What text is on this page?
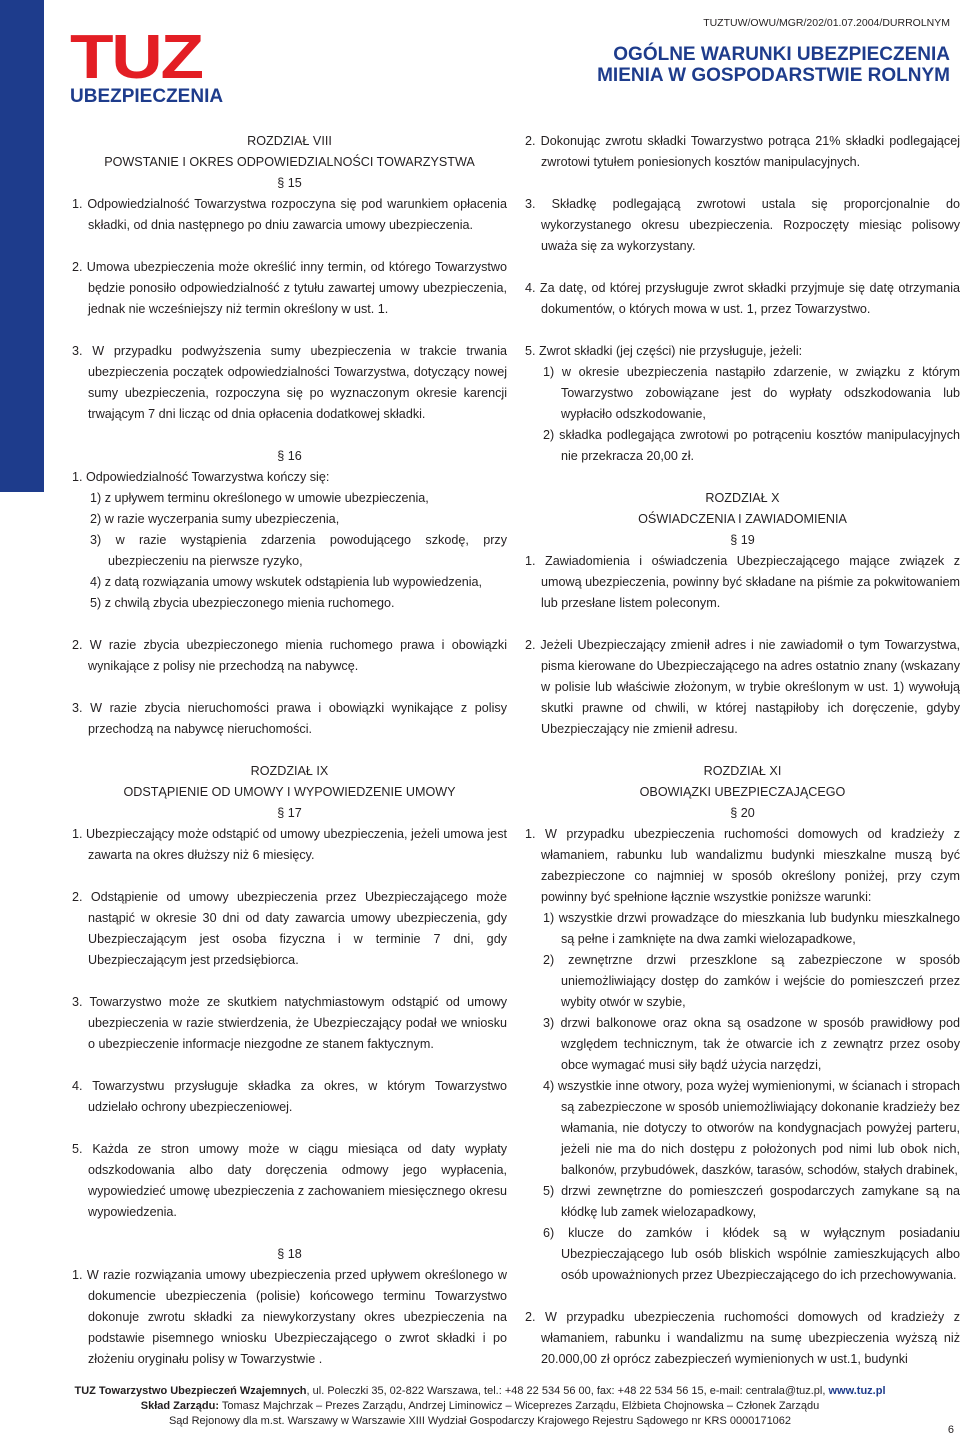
TUZ
UBEZPIECZENIA
TUZTUW/OWU/MGR/202/01.07.2004/DURROLNYM
OGÓLNE WARUNKI UBEZPIECZENIA
MIENIA W GOSPODARSTWIE ROLNYM
ROZDZIAŁ VIII
POWSTANIE I OKRES ODPOWIEDZIALNOŚCI TOWARZYSTWA
§ 15
1. Odpowiedzialność Towarzystwa rozpoczyna się pod warunkiem opłacenia składki, od dnia następnego po dniu zawarcia umowy ubezpieczenia.
2. Umowa ubezpieczenia może określić inny termin, od którego Towarzystwo będzie ponosiło odpowiedzialność z tytułu zawartej umowy ubezpieczenia, jednak nie wcześniejszy niż termin określony w ust. 1.
3. W przypadku podwyższenia sumy ubezpieczenia w trakcie trwania ubezpieczenia początek odpowiedzialności Towarzystwa, dotyczący nowej sumy ubezpieczenia, rozpoczyna się po wyznaczonym okresie karencji trwającym 7 dni licząc od dnia opłacenia dodatkowej składki.
§ 16
1. Odpowiedzialność Towarzystwa kończy się:
1) z upływem terminu określonego w umowie ubezpieczenia,
2) w razie wyczerpania sumy ubezpieczenia,
3) w razie wystąpienia zdarzenia powodującego szkodę, przy ubezpieczeniu na pierwsze ryzyko,
4) z datą rozwiązania umowy wskutek odstąpienia lub wypowiedzenia,
5) z chwilą zbycia ubezpieczonego mienia ruchomego.
2. W razie zbycia ubezpieczonego mienia ruchomego prawa i obowiązki wynikające z polisy nie przechodzą na nabywcę.
3. W razie zbycia nieruchomości prawa i obowiązki wynikające z polisy przechodzą na nabywcę nieruchomości.
ROZDZIAŁ IX
ODSTĄPIENIE OD UMOWY I WYPOWIEDZENIE UMOWY
§ 17
1. Ubezpieczający może odstąpić od umowy ubezpieczenia, jeżeli umowa jest zawarta na okres dłuższy niż 6 miesięcy.
2. Odstąpienie od umowy ubezpieczenia przez Ubezpieczającego może nastąpić w okresie 30 dni od daty zawarcia umowy ubezpieczenia, gdy Ubezpieczającym jest osoba fizyczna i w terminie 7 dni, gdy Ubezpieczającym jest przedsiębiorca.
3. Towarzystwo może ze skutkiem natychmiastowym odstąpić od umowy ubezpieczenia w razie stwierdzenia, że Ubezpieczający podał we wniosku o ubezpieczenie informacje niezgodne ze stanem faktycznym.
4. Towarzystwu przysługuje składka za okres, w którym Towarzystwo udzielało ochrony ubezpieczeniowej.
5. Każda ze stron umowy może w ciągu miesiąca od daty wypłaty odszkodowania albo daty doręczenia odmowy jego wypłacenia, wypowiedzieć umowę ubezpieczenia z zachowaniem miesięcznego okresu wypowiedzenia.
§ 18
1. W razie rozwiązania umowy ubezpieczenia przed upływem określonego w dokumencie ubezpieczenia (polisie) końcowego terminu Towarzystwo dokonuje zwrotu składki za niewykorzystany okres ubezpieczenia na podstawie pisemnego wniosku Ubezpieczającego o zwrot składki i po złożeniu oryginału polisy w Towarzystwie .
2. Dokonując zwrotu składki Towarzystwo potrąca 21% składki podlegającej zwrotowi tytułem poniesionych kosztów manipulacyjnych.
3. Składkę podlegającą zwrotowi ustala się proporcjonalnie do wykorzystanego okresu ubezpieczenia. Rozpoczęty miesiąc polisowy uważa się za wykorzystany.
4. Za datę, od której przysługuje zwrot składki przyjmuje się datę otrzymania dokumentów, o których mowa w ust. 1, przez Towarzystwo.
5. Zwrot składki (jej części) nie przysługuje, jeżeli:
1) w okresie ubezpieczenia nastąpiło zdarzenie, w związku z którym Towarzystwo zobowiązane jest do wypłaty odszkodowania lub wypłaciło odszkodowanie,
2) składka podlegająca zwrotowi po potrąceniu kosztów manipulacyjnych nie przekracza 20,00 zł.
ROZDZIAŁ X
OŚWIADCZENIA I ZAWIADOMIENIA
§ 19
1. Zawiadomienia i oświadczenia Ubezpieczającego mające związek z umową ubezpieczenia, powinny być składane na piśmie za pokwitowaniem lub przesłane listem poleconym.
2. Jeżeli Ubezpieczający zmienił adres i nie zawiadomił o tym Towarzystwa, pisma kierowane do Ubezpieczającego na adres ostatnio znany (wskazany w polisie lub właściwie złożonym, w trybie określonym w ust. 1) wywołują skutki prawne od chwili, w której nastąpiłoby ich doręczenie, gdyby Ubezpieczający nie zmienił adresu.
ROZDZIAŁ XI
OBOWIĄZKI UBEZPIECZAJĄCEGO
§ 20
1. W przypadku ubezpieczenia ruchomości domowych od kradzieży z włamaniem, rabunku lub wandalizmu budynki mieszkalne muszą być zabezpieczone co najmniej w sposób określony poniżej, przy czym powinny być spełnione łącznie wszystkie poniższe warunki:
1) wszystkie drzwi prowadzące do mieszkania lub budynku mieszkalnego są pełne i zamknięte na dwa zamki wielozapadkowe,
2) zewnętrzne drzwi przeszklone są zabezpieczone w sposób uniemożliwiający dostęp do zamków i wejście do pomieszczeń przez wybity otwór w szybie,
3) drzwi balkonowe oraz okna są osadzone w sposób prawidłowy pod względem technicznym, tak że otwarcie ich z zewnątrz przez osoby obce wymagać musi siły bądź użycia narzędzi,
4) wszystkie inne otwory, poza wyżej wymienionymi, w ścianach i stropach są zabezpieczone w sposób uniemożliwiający dokonanie kradzieży bez włamania, nie dotyczy to otworów na kondygnacjach powyżej parteru, jeżeli nie ma do nich dostępu z położonych pod nimi lub obok nich, balkonów, przybudówek, daszków, tarasów, schodów, stałych drabinek,
5) drzwi zewnętrzne do pomieszczeń gospodarczych zamykane są na kłódkę lub zamek wielozapadkowy,
6) klucze do zamków i kłódek są w wyłącznym posiadaniu Ubezpieczającego lub osób bliskich wspólnie zamieszkujących albo osób upoważnionych przez Ubezpieczającego do ich przechowywania.
2. W przypadku ubezpieczenia ruchomości domowych od kradzieży z włamaniem, rabunku i wandalizmu na sumę ubezpieczenia wyższą niż 20.000,00 zł oprócz zabezpieczeń wymienionych w ust.1, budynki
TUZ Towarzystwo Ubezpieczeń Wzajemnych, ul. Poleczki 35, 02-822 Warszawa, tel.: +48 22 534 56 00, fax: +48 22 534 56 15, e-mail: centrala@tuz.pl, www.tuz.pl
Skład Zarządu: Tomasz Majchrzak – Prezes Zarządu, Andrzej Liminowicz – Wiceprezes Zarządu, Elżbieta Chojnowska – Członek Zarządu
Sąd Rejonowy dla m.st. Warszawy w Warszawie XIII Wydział Gospodarczy Krajowego Rejestru Sądowego nr KRS 0000171062
6
